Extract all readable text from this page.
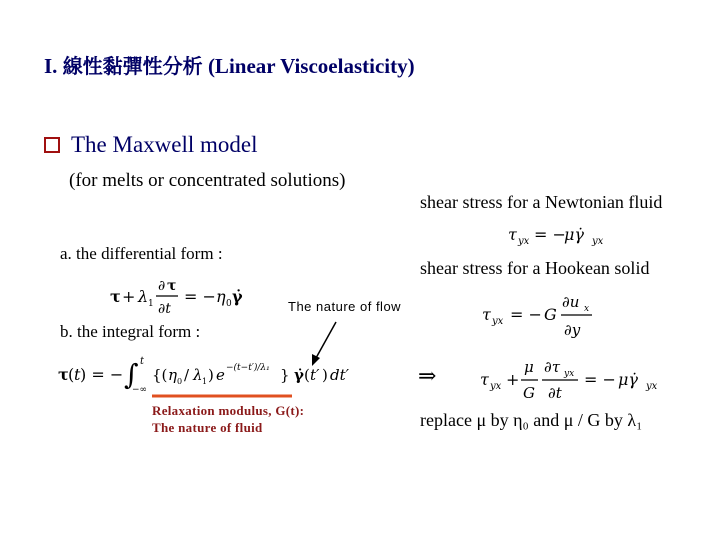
I. 線性黏彈性分析 (Linear Viscoelasticity)
The Maxwell model
(for melts or concentrated solutions)
shear stress for a Newtonian fluid
τ yx = −
μγ̇ yx
shear stress for a Hookean solid
τ yx = − G
∂u x
∂y
⇒	τ yx +
μ
G
∂τ yx
∂t
= − μγ̇ yx
replace μ by η₀ and μ / G by λ₁
a. the differential form :
τ + λ 1
∂ τ
∂t
= − η 0 γ̇
The nature of flow
b. the integral form :
τ ( t ) = − ∫ t
−∞
{( η 0 / λ 1 ) e −(t−t′)/λ₁ } γ̇ ( t′ ) dt′
Relaxation modulus, G(t):
The nature of fluid
